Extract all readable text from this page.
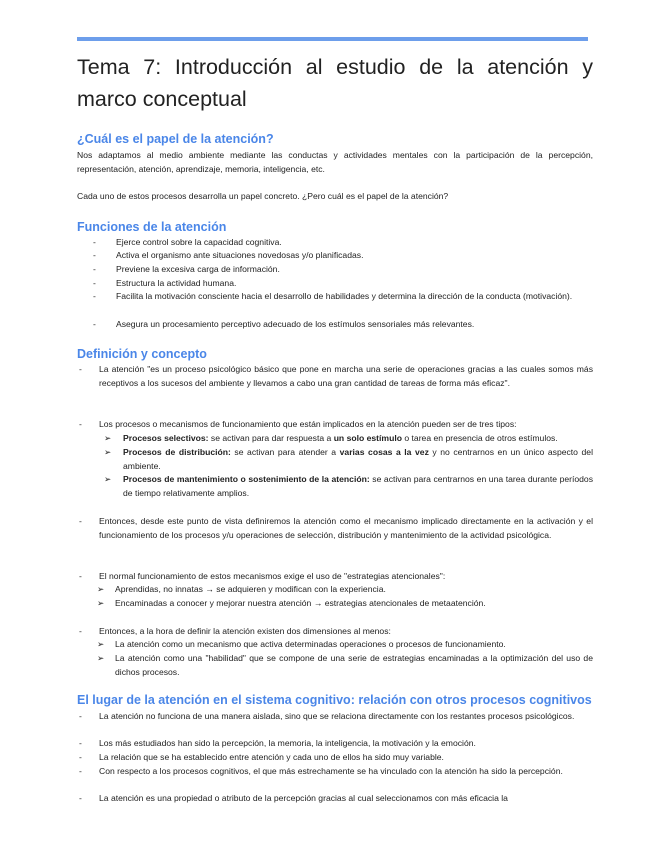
Tema 7: Introducción al estudio de la atención y marco conceptual
¿Cuál es el papel de la atención?

Nos adaptamos al medio ambiente mediante las conductas y actividades mentales con la participación de la percepción, representación, atención, aprendizaje, memoria, inteligencia, etc.

Cada uno de estos procesos desarrolla un papel concreto. ¿Pero cuál es el papel de la atención?

Funciones de la atención
- Ejerce control sobre la capacidad cognitiva.
- Activa el organismo ante situaciones novedosas y/o planificadas.
- Previene la excesiva carga de información.
- Estructura la actividad humana.
- Facilita la motivación consciente hacia el desarrollo de habilidades y determina la dirección de la conducta (motivación).
- Asegura un procesamiento perceptivo adecuado de los estímulos sensoriales más relevantes.
Definición y concepto
- La atención "es un proceso psicológico básico que pone en marcha una serie de operaciones gracias a las cuales somos más receptivos a los sucesos del ambiente y llevamos a cabo una gran cantidad de tareas de forma más eficaz".
- Los procesos o mecanismos de funcionamiento que están implicados en la atención pueden ser de tres tipos:
➢ Procesos selectivos: se activan para dar respuesta a un solo estímulo o tarea en presencia de otros estímulos.
➢ Procesos de distribución: se activan para atender a varias cosas a la vez y no centrarnos en un único aspecto del ambiente.
➢ Procesos de mantenimiento o sostenimiento de la atención: se activan para centrarnos en una tarea durante períodos de tiempo relativamente amplios.
- Entonces, desde este punto de vista definiremos la atención como el mecanismo implicado directamente en la activación y el funcionamiento de los procesos y/u operaciones de selección, distribución y mantenimiento de la actividad psicológica.
- El normal funcionamiento de estos mecanismos exige el uso de "estrategias atencionales":
➢ Aprendidas, no innatas → se adquieren y modifican con la experiencia.
➢ Encaminadas a conocer y mejorar nuestra atención → estrategias atencionales de metaatención.
- Entonces, a la hora de definir la atención existen dos dimensiones al menos:
➢ La atención como un mecanismo que activa determinadas operaciones o procesos de funcionamiento.
➢ La atención como una "habilidad" que se compone de una serie de estrategias encaminadas a la optimización del uso de dichos procesos.
El lugar de la atención en el sistema cognitivo: relación con otros procesos cognitivos
- La atención no funciona de una manera aislada, sino que se relaciona directamente con los restantes procesos psicológicos.
- Los más estudiados han sido la percepción, la memoria, la inteligencia, la motivación y la emoción.
- La relación que se ha establecido entre atención y cada uno de ellos ha sido muy variable.
- Con respecto a los procesos cognitivos, el que más estrechamente se ha vinculado con la atención ha sido la percepción.
- La atención es una propiedad o atributo de la percepción gracias al cual seleccionamos con más eficacia la
